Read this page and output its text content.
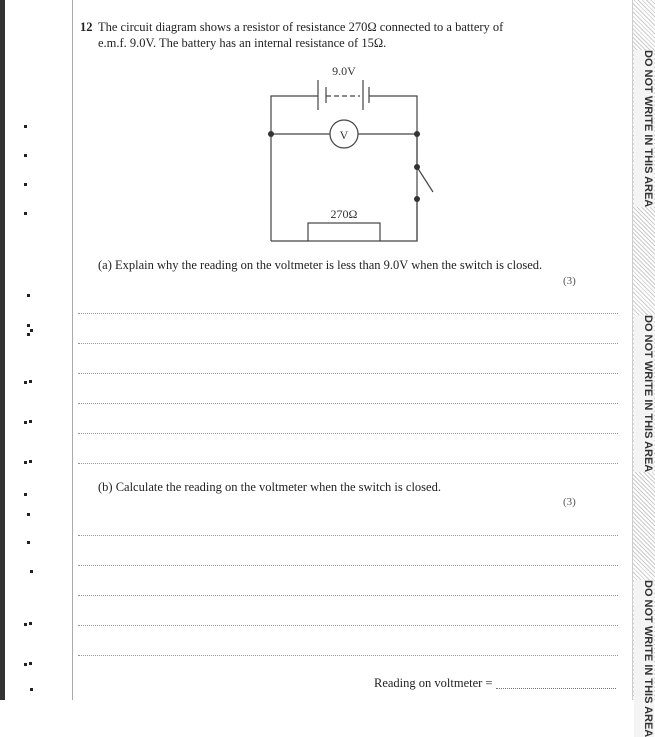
DO NOT WRITE IN THIS AREA
DO NOT WRITE IN THIS AREA
DO NOT WRITE IN THIS AREA
12 The circuit diagram shows a resistor of resistance 270Ω connected to a battery of e.m.f. 9.0V. The battery has an internal resistance of 15Ω.
9.0V
V
270Ω
(a) Explain why the reading on the voltmeter is less than 9.0V when the switch is closed.
(3)
(b) Calculate the reading on the voltmeter when the switch is closed.
(3)
Reading on voltmeter =
